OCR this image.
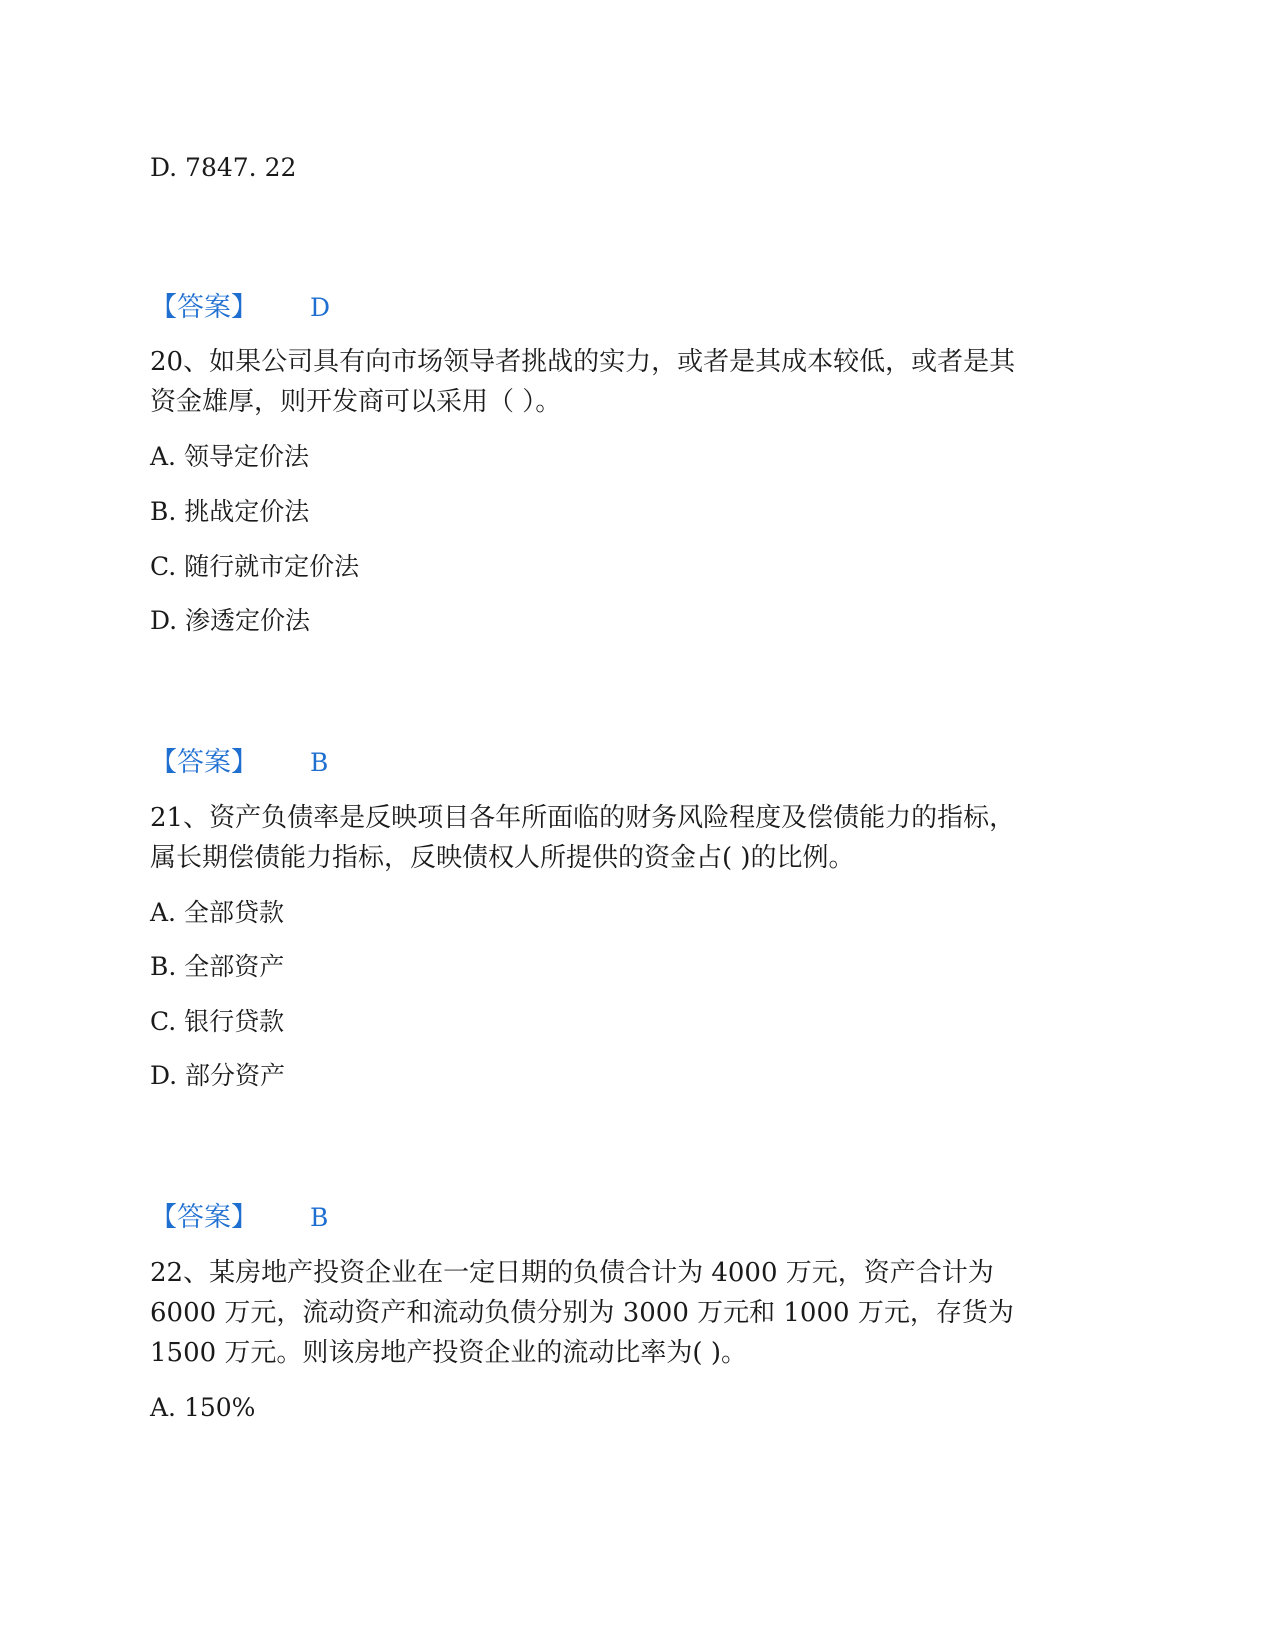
D. 7847. 22
【答案】 D
20、如果公司具有向市场领导者挑战的实力，或者是其成本较低，或者是其
资金雄厚，则开发商可以采用（ ）。
A. 领导定价法
B. 挑战定价法
C. 随行就市定价法
D. 渗透定价法
【答案】 B
21、资产负债率是反映项目各年所面临的财务风险程度及偿债能力的指标，
属长期偿债能力指标，反映债权人所提供的资金占( )的比例。
A. 全部贷款
B. 全部资产
C. 银行贷款
D. 部分资产
【答案】 B
22、某房地产投资企业在一定日期的负债合计为 4000 万元，资产合计为
6000 万元，流动资产和流动负债分别为 3000 万元和 1000 万元，存货为
1500 万元。则该房地产投资企业的流动比率为( )。
A. 150%
